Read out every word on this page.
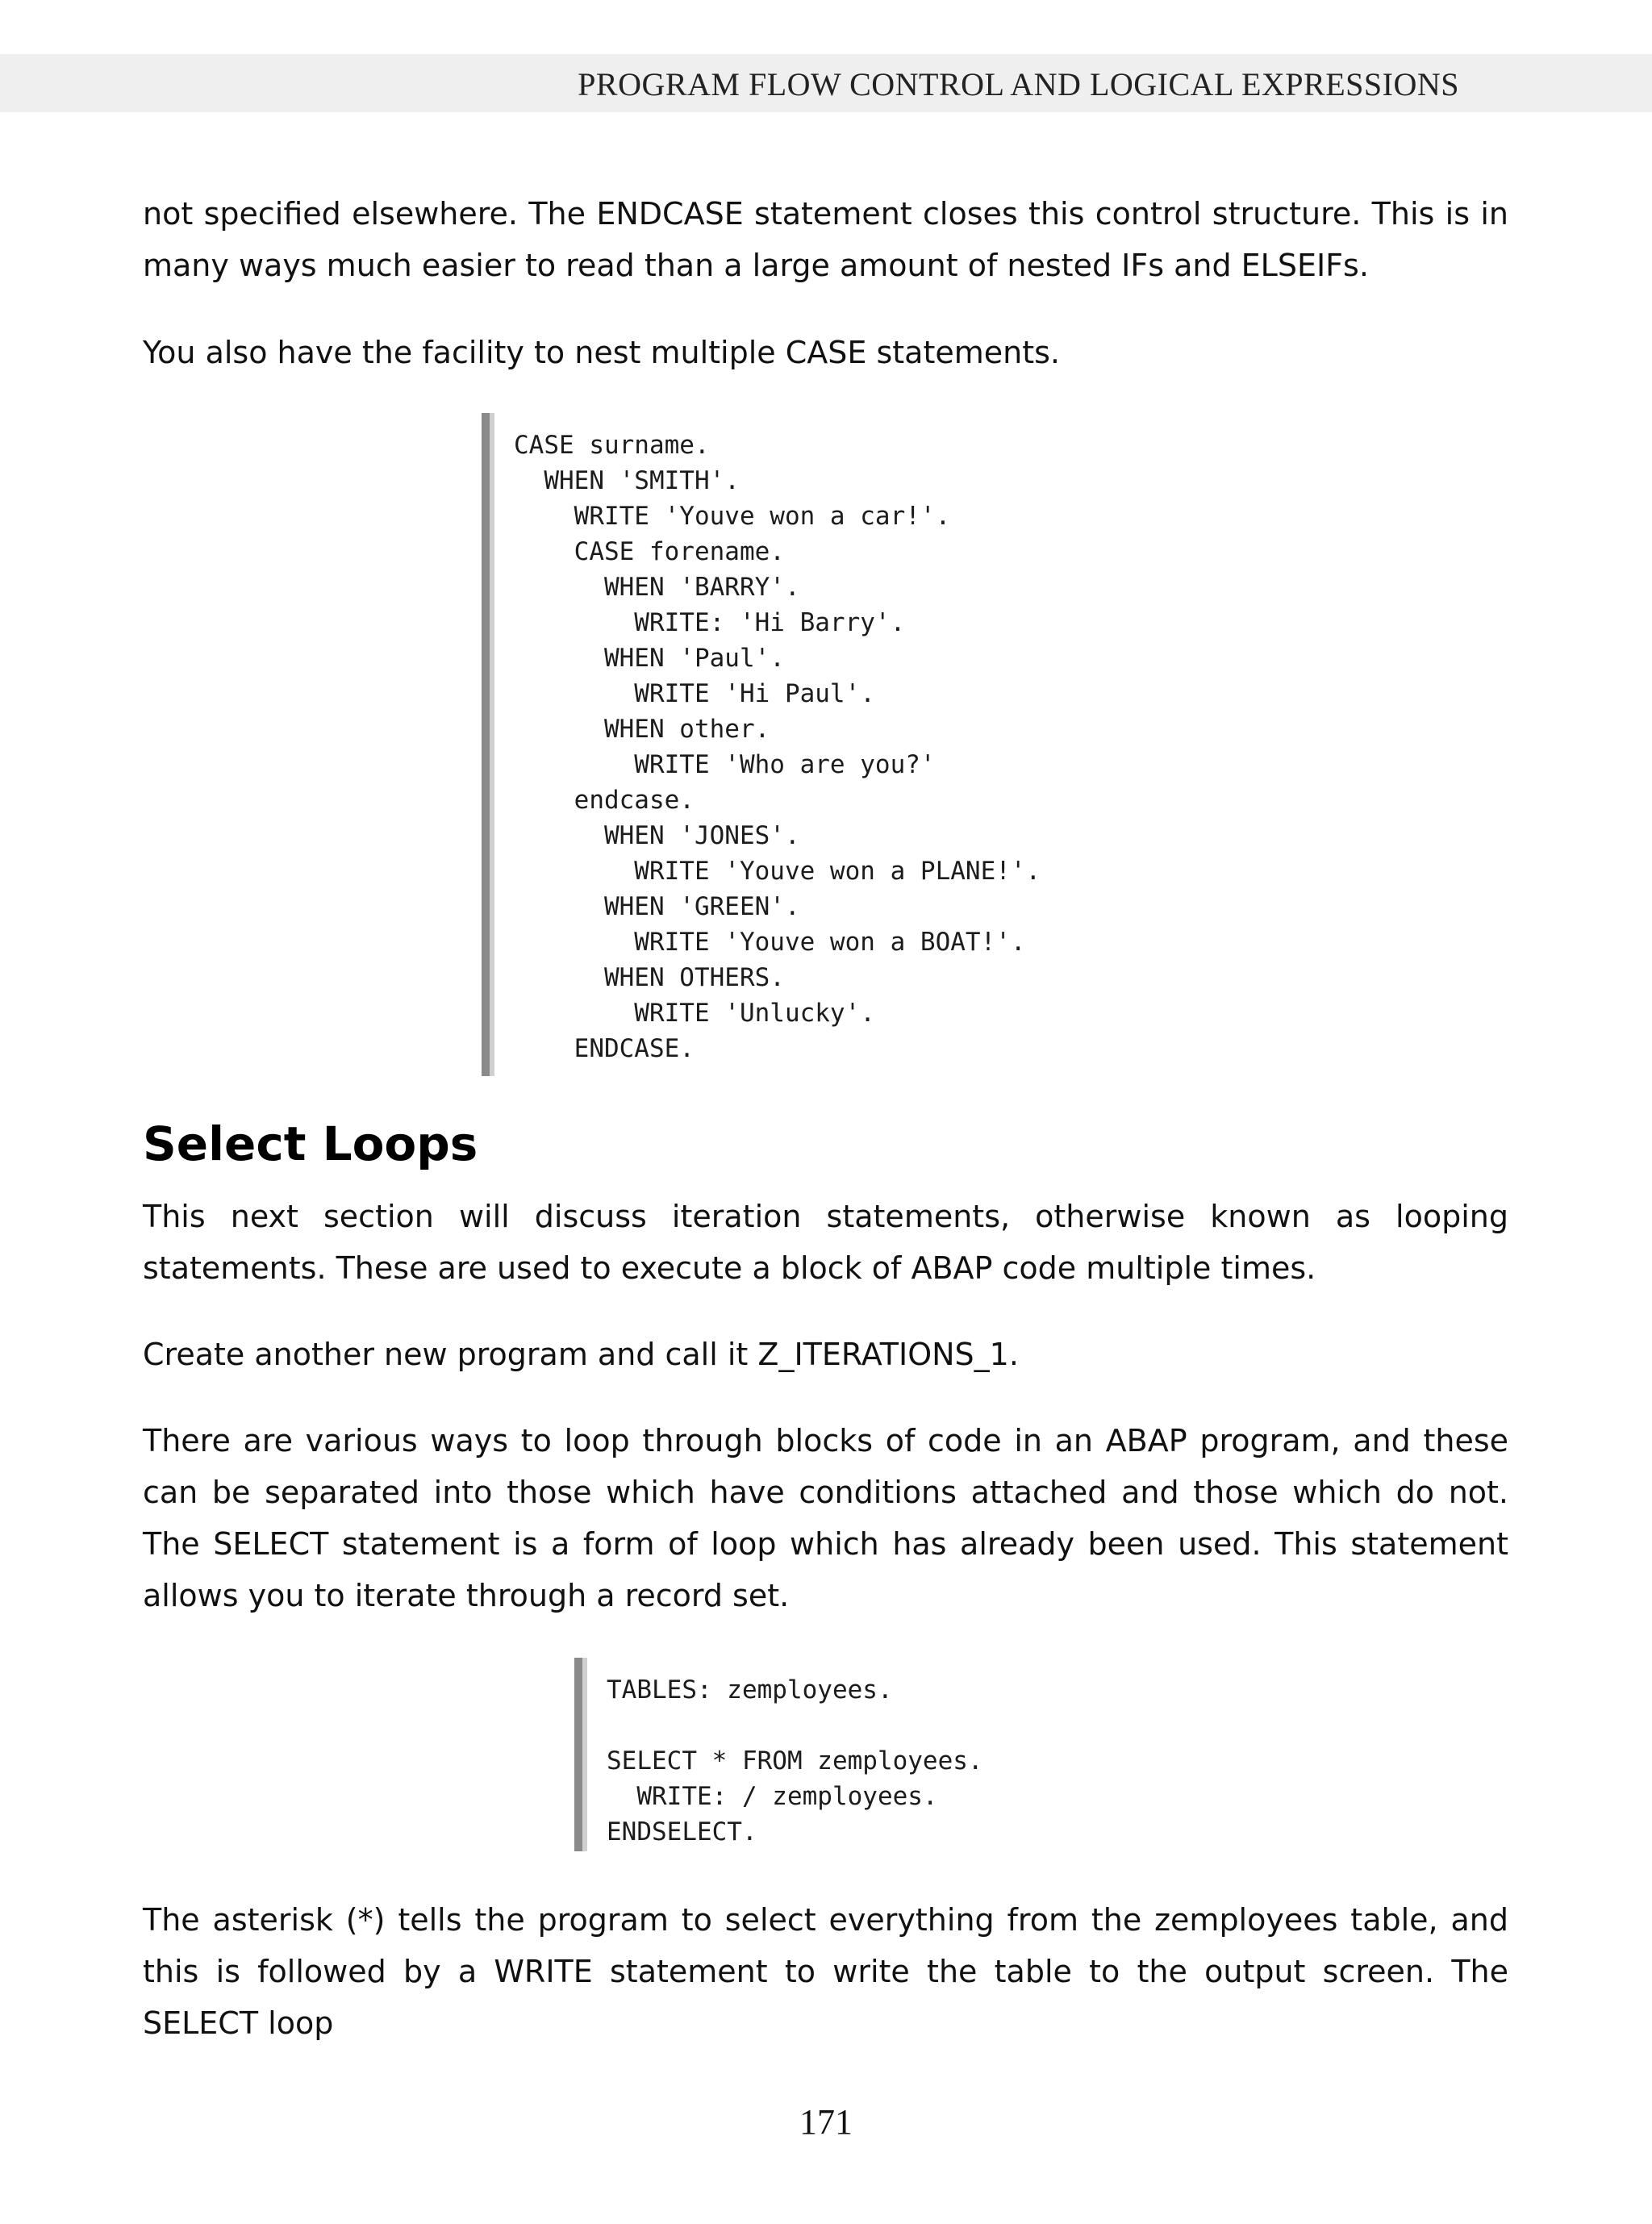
PROGRAM FLOW CONTROL AND LOGICAL EXPRESSIONS

not specified elsewhere. The ENDCASE statement closes this control structure. This is in many ways much easier to read than a large amount of nested IFs and ELSEIFs.

You also have the facility to nest multiple CASE statements.

CASE surname.
WHEN 'SMITH'.
WRITE 'Youve won a car!'.
CASE forename.
WHEN 'BARRY'.
WRITE: 'Hi Barry'.
WHEN 'Paul'.
WRITE 'Hi Paul'.
WHEN other.
WRITE 'Who are you?'
endcase.
WHEN 'JONES'.
WRITE 'Youve won a PLANE!'.
WHEN 'GREEN'.
WRITE 'Youve won a BOAT!'.
WHEN OTHERS.
WRITE 'Unlucky'.
ENDCASE.
Select Loops

This next section will discuss iteration statements, otherwise known as looping statements. These are used to execute a block of ABAP code multiple times.

Create another new program and call it Z_ITERATIONS_1.

There are various ways to loop through blocks of code in an ABAP program, and these can be separated into those which have conditions attached and those which do not. The SELECT statement is a form of loop which has already been used. This statement allows you to iterate through a record set.

TABLES: zemployees.
SELECT * FROM zemployees.
WRITE: / zemployees.
ENDSELECT.

The asterisk (*) tells the program to select everything from the zemployees table, and this is followed by a WRITE statement to write the table to the output screen. The SELECT loop

171
